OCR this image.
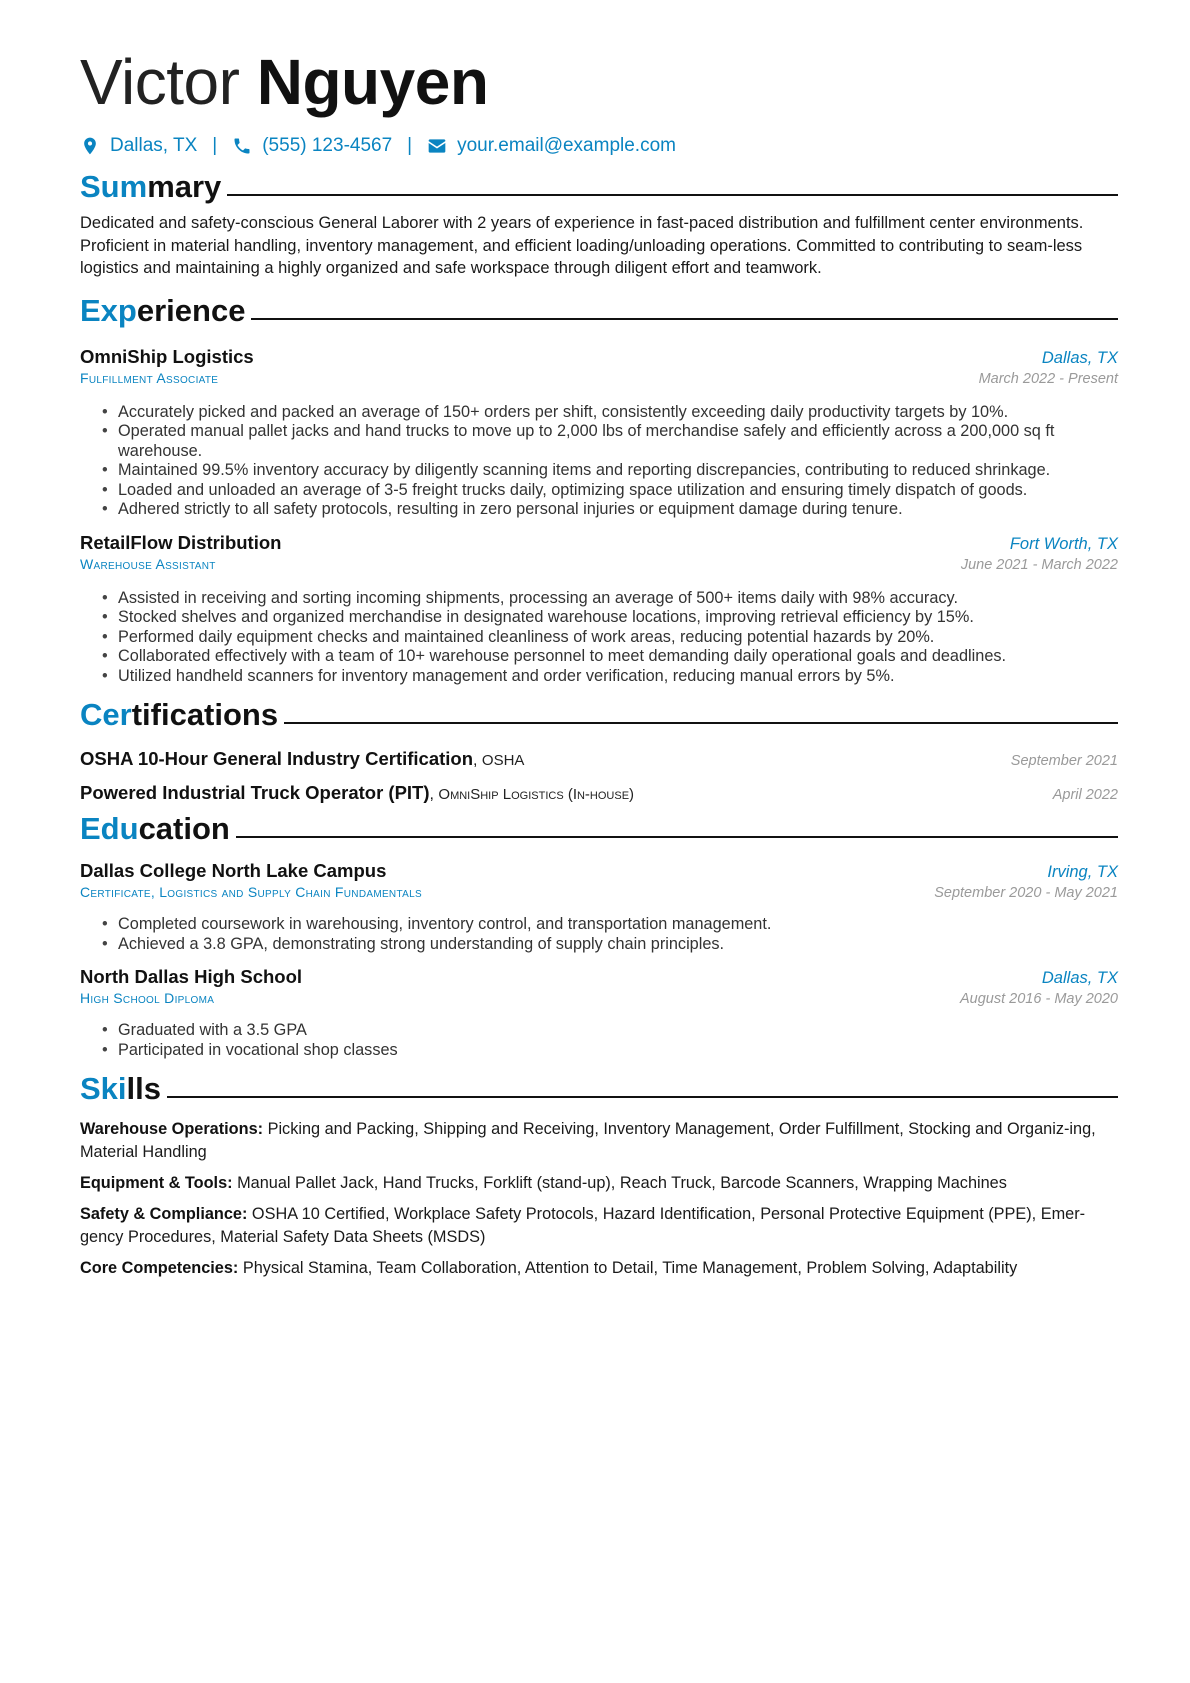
Victor Nguyen
Dallas, TX | (555) 123-4567 | your.email@example.com
Summary
Dedicated and safety-conscious General Laborer with 2 years of experience in fast-paced distribution and fulfillment center environments. Proficient in material handling, inventory management, and efficient loading/unloading operations. Committed to contributing to seam-less logistics and maintaining a highly organized and safe workspace through diligent effort and teamwork.
Experience
OmniShip Logistics	Dallas, TX
Fulfillment Associate	March 2022 - Present
• Accurately picked and packed an average of 150+ orders per shift, consistently exceeding daily productivity targets by 10%.
• Operated manual pallet jacks and hand trucks to move up to 2,000 lbs of merchandise safely and efficiently across a 200,000 sq ft warehouse.
• Maintained 99.5% inventory accuracy by diligently scanning items and reporting discrepancies, contributing to reduced shrinkage.
• Loaded and unloaded an average of 3-5 freight trucks daily, optimizing space utilization and ensuring timely dispatch of goods.
• Adhered strictly to all safety protocols, resulting in zero personal injuries or equipment damage during tenure.
RetailFlow Distribution	Fort Worth, TX
Warehouse Assistant	June 2021 - March 2022
• Assisted in receiving and sorting incoming shipments, processing an average of 500+ items daily with 98% accuracy.
• Stocked shelves and organized merchandise in designated warehouse locations, improving retrieval efficiency by 15%.
• Performed daily equipment checks and maintained cleanliness of work areas, reducing potential hazards by 20%.
• Collaborated effectively with a team of 10+ warehouse personnel to meet demanding daily operational goals and deadlines.
• Utilized handheld scanners for inventory management and order verification, reducing manual errors by 5%.
Certifications
OSHA 10-Hour General Industry Certification, OSHA	September 2021
Powered Industrial Truck Operator (PIT), OmniShip Logistics (In-house)	April 2022
Education
Dallas College North Lake Campus	Irving, TX
Certificate, Logistics and Supply Chain Fundamentals	September 2020 - May 2021
• Completed coursework in warehousing, inventory control, and transportation management.
• Achieved a 3.8 GPA, demonstrating strong understanding of supply chain principles.
North Dallas High School	Dallas, TX
High School Diploma	August 2016 - May 2020
• Graduated with a 3.5 GPA
• Participated in vocational shop classes
Skills
Warehouse Operations: Picking and Packing, Shipping and Receiving, Inventory Management, Order Fulfillment, Stocking and Organiz-ing, Material Handling
Equipment & Tools: Manual Pallet Jack, Hand Trucks, Forklift (stand-up), Reach Truck, Barcode Scanners, Wrapping Machines
Safety & Compliance: OSHA 10 Certified, Workplace Safety Protocols, Hazard Identification, Personal Protective Equipment (PPE), Emer-gency Procedures, Material Safety Data Sheets (MSDS)
Core Competencies: Physical Stamina, Team Collaboration, Attention to Detail, Time Management, Problem Solving, Adaptability
